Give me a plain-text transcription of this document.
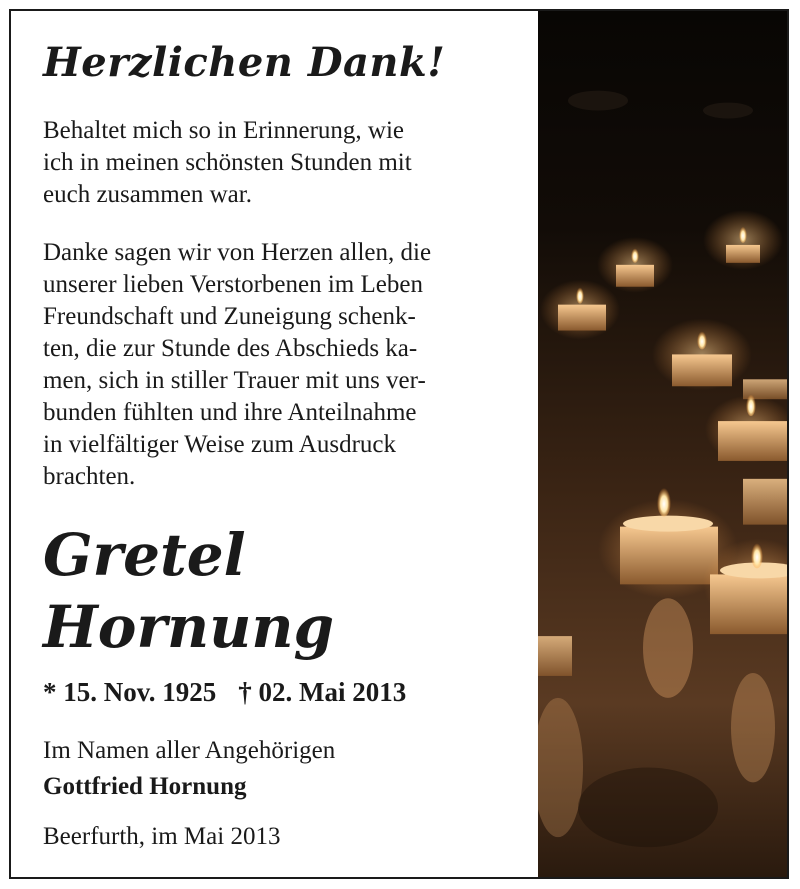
Herzlichen Dank!

Behaltet mich so in Erinnerung, wie
ich in meinen schönsten Stunden mit
euch zusammen war.

Danke sagen wir von Herzen allen, die
unserer lieben Verstorbenen im Leben
Freundschaft und Zuneigung schenk-
ten, die zur Stunde des Abschieds ka-
men, sich in stiller Trauer mit uns ver-
bunden fühlten und ihre Anteilnahme
in vielfältiger Weise zum Ausdruck
brachten.

Gretel
Hornung
* 15. Nov. 1925 † 02. Mai 2013
Im Namen aller Angehörigen
Gottfried Hornung
Beerfurth, im Mai 2013
